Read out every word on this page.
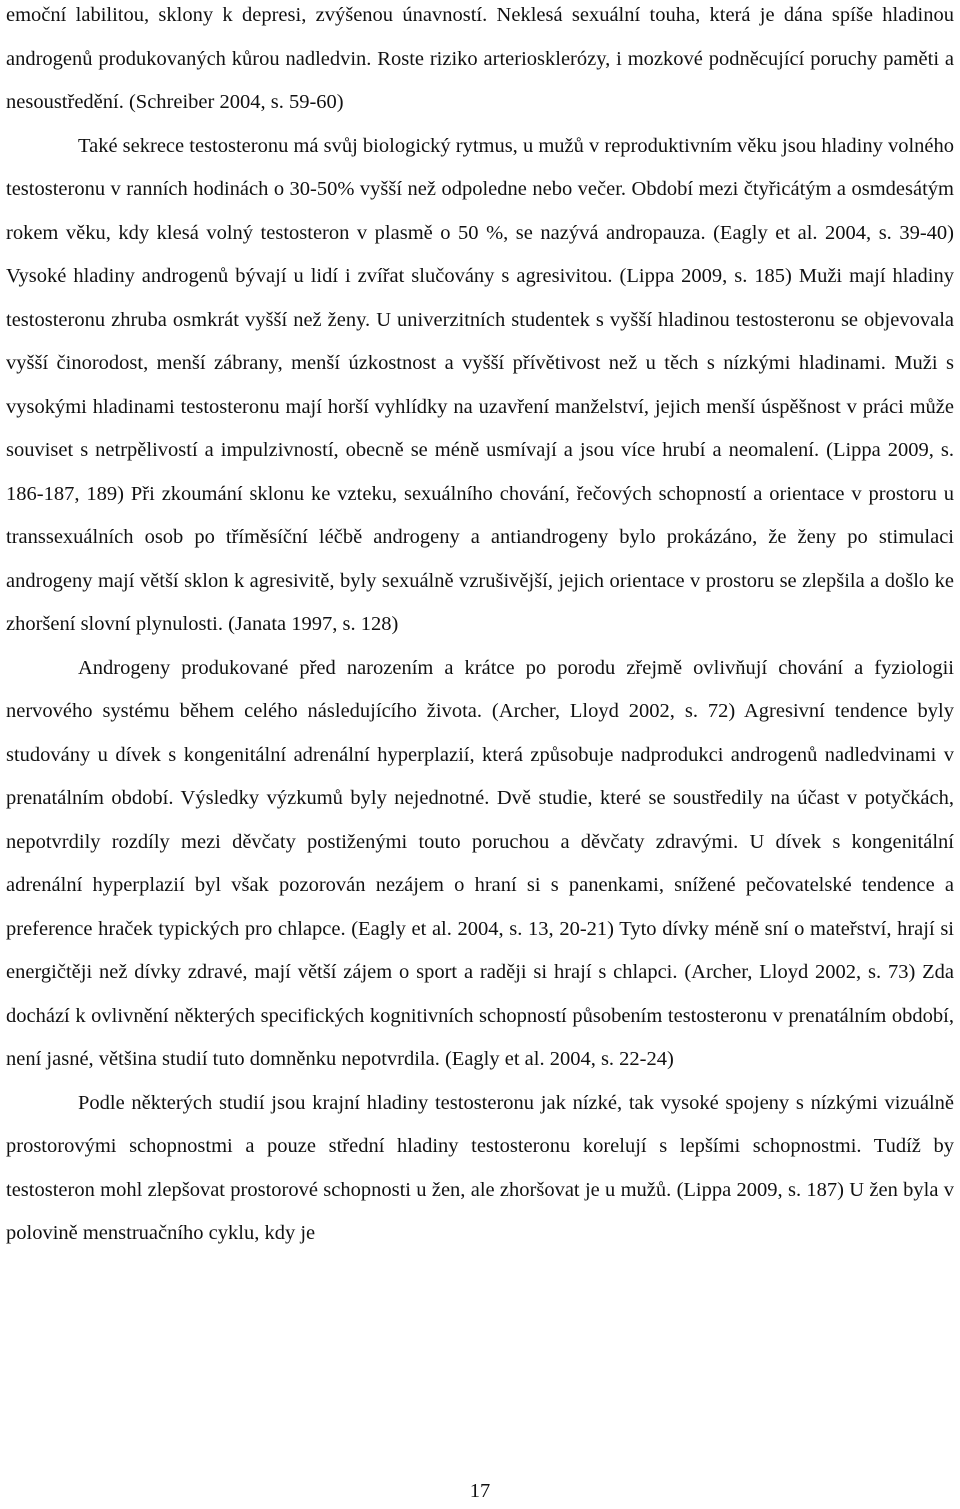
emoční labilitou, sklony k depresi, zvýšenou únavností. Neklesá sexuální touha, která je dána spíše hladinou androgenů produkovaných kůrou nadledvin. Roste riziko arteriosklerózy, i mozkové podněcující poruchy paměti a nesoustředění. (Schreiber 2004, s. 59-60)

Také sekrece testosteronu má svůj biologický rytmus, u mužů v reproduktivním věku jsou hladiny volného testosteronu v ranních hodinách o 30-50% vyšší než odpoledne nebo večer. Období mezi čtyřicátým a osmdesátým rokem věku, kdy klesá volný testosteron v plasmě o 50 %, se nazývá andropauza. (Eagly et al. 2004, s. 39-40) Vysoké hladiny androgenů bývají u lidí i zvířat slučovány s agresivitou. (Lippa 2009, s. 185) Muži mají hladiny testosteronu zhruba osmkrát vyšší než ženy. U univerzitních studentek s vyšší hladinou testosteronu se objevovala vyšší činorodost, menší zábrany, menší úzkostnost a vyšší přívětivost než u těch s nízkými hladinami. Muži s vysokými hladinami testosteronu mají horší vyhlídky na uzavření manželství, jejich menší úspěšnost v práci může souviset s netrpělivostí a impulzivností, obecně se méně usmívají a jsou více hrubí a neomalení. (Lippa 2009, s. 186-187, 189) Při zkoumání sklonu ke vzteku, sexuálního chování, řečových schopností a orientace v prostoru u transsexuálních osob po tříměsíční léčbě androgeny a antiandrogeny bylo prokázáno, že ženy po stimulaci androgeny mají větší sklon k agresivitě, byly sexuálně vzrušivější, jejich orientace v prostoru se zlepšila a došlo ke zhoršení slovní plynulosti. (Janata 1997, s. 128)

Androgeny produkované před narozením a krátce po porodu zřejmě ovlivňují chování a fyziologii nervového systému během celého následujícího života. (Archer, Lloyd 2002, s. 72) Agresivní tendence byly studovány u dívek s kongenitální adrenální hyperplazií, která způsobuje nadprodukci androgenů nadledvinami v prenatálním období. Výsledky výzkumů byly nejednotné. Dvě studie, které se soustředily na účast v potyčkách, nepotvrdily rozdíly mezi děvčaty postiženými touto poruchou a děvčaty zdravými. U dívek s kongenitální adrenální hyperplazií byl však pozorován nezájem o hraní si s panenkami, snížené pečovatelské tendence a preference hraček typických pro chlapce. (Eagly et al. 2004, s. 13, 20-21) Tyto dívky méně sní o mateřství, hrají si energičtěji než dívky zdravé, mají větší zájem o sport a raději si hrají s chlapci. (Archer, Lloyd 2002, s. 73) Zda dochází k ovlivnění některých specifických kognitivních schopností působením testosteronu v prenatálním období, není jasné, většina studií tuto domněnku nepotvrdila. (Eagly et al. 2004, s. 22-24)

Podle některých studií jsou krajní hladiny testosteronu jak nízké, tak vysoké spojeny s nízkými vizuálně prostorovými schopnostmi a pouze střední hladiny testosteronu korelují s lepšími schopnostmi. Tudíž by testosteron mohl zlepšovat prostorové schopnosti u žen, ale zhoršovat je u mužů. (Lippa 2009, s. 187) U žen byla v polovině menstruačního cyklu, kdy je

17
